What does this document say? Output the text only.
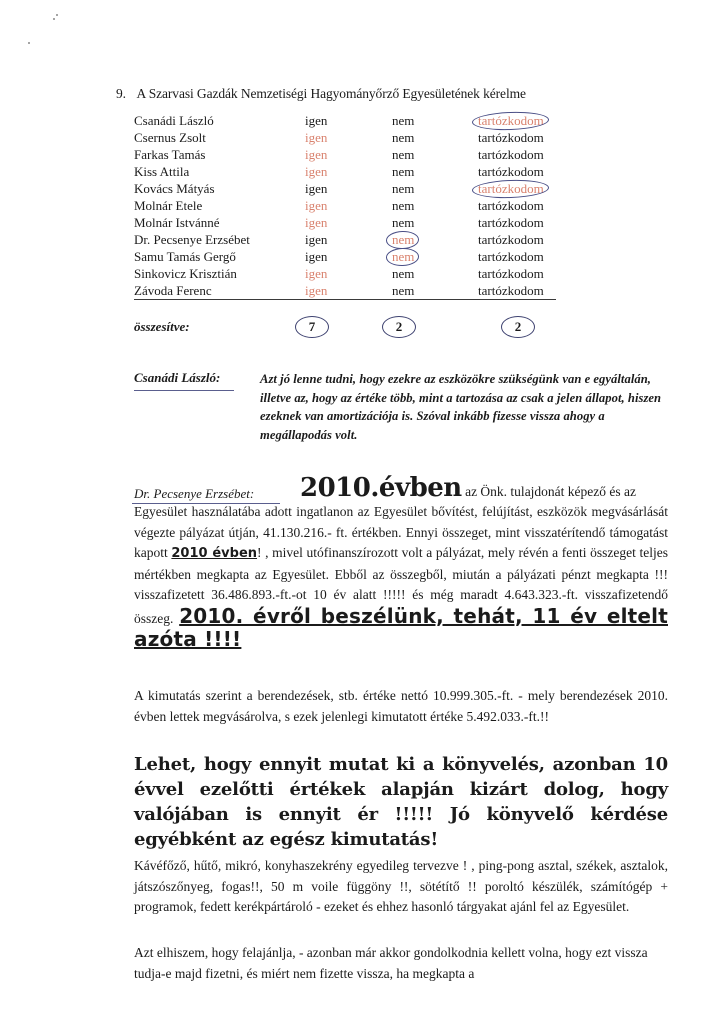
9. A Szarvasi Gazdák Nemzetiségi Hagyományőrző Egyesületének kérelme
Csanádi László	igen	nem	tartózkodom
Csernus Zsolt	igen	nem	tartózkodom
Farkas Tamás	igen	nem	tartózkodom
Kiss Attila	igen	nem	tartózkodom
Kovács Mátyás	igen	nem	tartózkodom
Molnár Etele	igen	nem	tartózkodom
Molnár Istvánné	igen	nem	tartózkodom
Dr. Pecsenye Erzsébet	igen	nem	tartózkodom
Samu Tamás Gergő	igen	nem	tartózkodom
Sinkovicz Krisztián	igen	nem	tartózkodom
Závoda Ferenc	igen	nem	tartózkodom
összesítve:	7	2	2
Csanádi László:	Azt jó lenne tudni, hogy ezekre az eszközökre szükségünk van e egyáltalán, illetve az, hogy az értéke több, mint a tartozása az csak a jelen állapot, hiszen ezeknek van amortizációja is. Szóval inkább fizesse vissza ahogy a megállapodás volt.
2010.évben az Önk. tulajdonát képező és az
Egyesület használatába adott ingatlanon az Egyesület bővítést, felújítást, eszközök megvásárlását végezte pályázat útján, 41.130.216.- ft. értékben. Ennyi összeget, mint visszatérítendő támogatást kapott 2010 évben! , mivel utófinanszírozott volt a pályázat, mely révén a fenti összeget teljes mértékben megkapta az Egyesület. Ebből az összegből, miután a pályázati pénzt megkapta !!! visszafizetett 36.486.893.-ft.-ot 10 év alatt !!!!! és még maradt 4.643.323.-ft. visszafizetendő összeg. 2010. évről beszélünk, tehát, 11 év eltelt azóta !!!!
Dr. Pecsenye Erzsébet:
A kimutatás szerint a berendezések, stb. értéke nettó 10.999.305.-ft. - mely berendezések 2010. évben lettek megvásárolva, s ezek jelenlegi kimutatott értéke 5.492.033.-ft.!!
Lehet, hogy ennyit mutat ki a könyvelés, azonban 10 évvel ezelőtti értékek alapján kizárt dolog, hogy valójában is ennyit ér !!!!! Jó könyvelő kérdése egyébként az egész kimutatás!
Kávéfőző, hűtő, mikró, konyhaszekrény egyedileg tervezve ! , ping-pong asztal, székek, asztalok, játszószőnyeg, fogas!!, 50 m voile függöny !!, sötétítő !! poroltó készülék, számítógép + programok, fedett kerékpártároló - ezeket és ehhez hasonló tárgyakat ajánl fel az Egyesület.
Azt elhiszem, hogy felajánlja, - azonban már akkor gondolkodnia kellett volna, hogy ezt vissza tudja-e majd fizetni, és miért nem fizette vissza, ha megkapta a
